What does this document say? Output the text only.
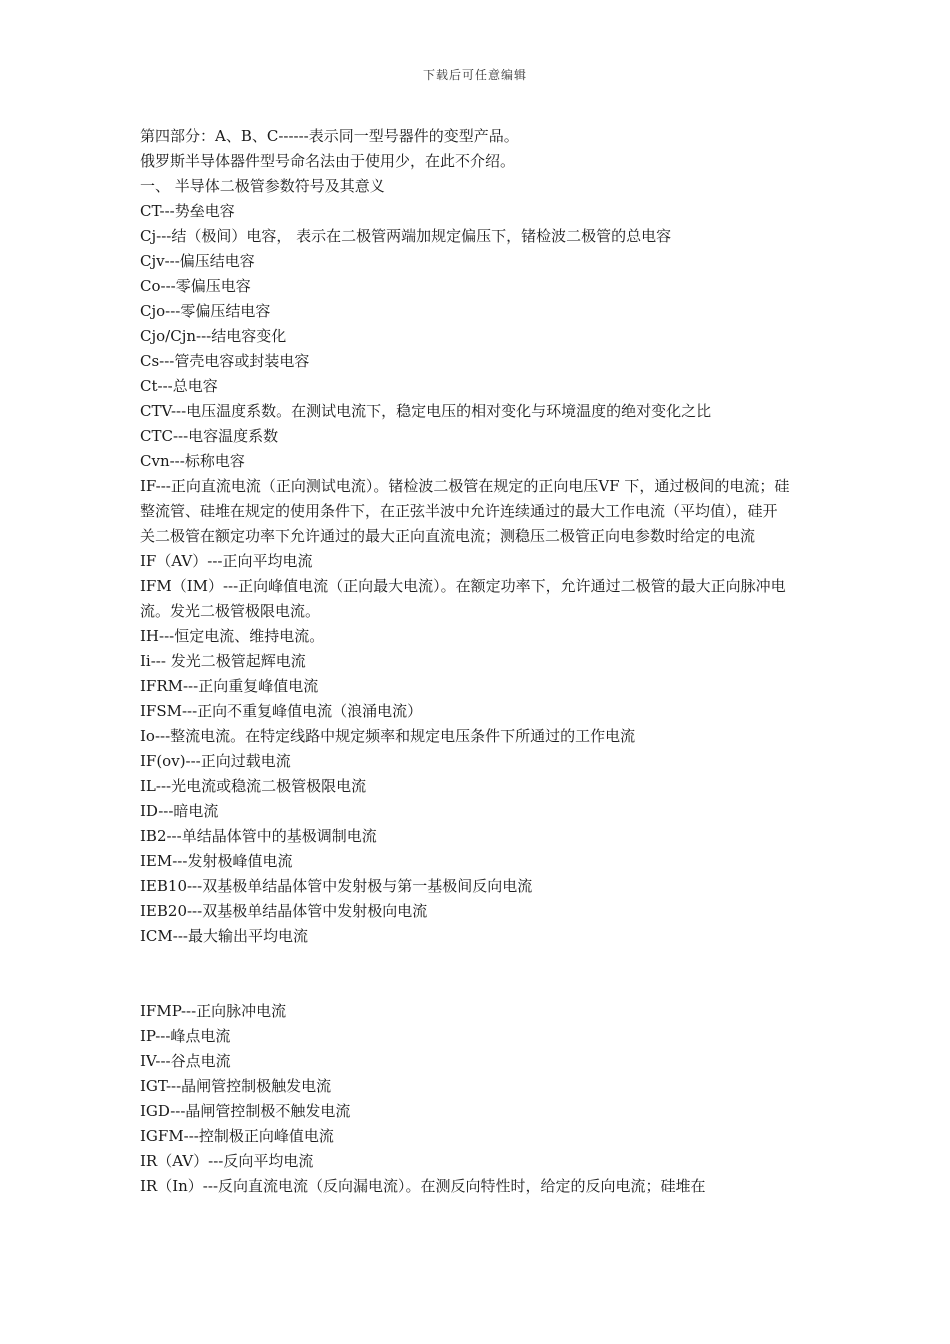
下载后可任意编辑
第四部分：A、B、C------表示同一型号器件的变型产品。
俄罗斯半导体器件型号命名法由于使用少，在此不介绍。
一、 半导体二极管参数符号及其意义
CT---势垒电容
Cj---结（极间）电容， 表示在二极管两端加规定偏压下，锗检波二极管的总电容
Cjv---偏压结电容
Co---零偏压电容
Cjo---零偏压结电容
Cjo/Cjn---结电容变化
Cs---管壳电容或封装电容
Ct---总电容
CTV---电压温度系数。在测试电流下，稳定电压的相对变化与环境温度的绝对变化之比
CTC---电容温度系数
Cvn---标称电容
IF---正向直流电流（正向测试电流）。锗检波二极管在规定的正向电压VF 下，通过极间的电流；硅整流管、硅堆在规定的使用条件下，在正弦半波中允许连续通过的最大工作电流（平均值），硅开关二极管在额定功率下允许通过的最大正向直流电流；测稳压二极管正向电参数时给定的电流
IF（AV）---正向平均电流
IFM（IM）---正向峰值电流（正向最大电流）。在额定功率下，允许通过二极管的最大正向脉冲电流。发光二极管极限电流。
IH---恒定电流、维持电流。
Ii--- 发光二极管起辉电流
IFRM---正向重复峰值电流
IFSM---正向不重复峰值电流（浪涌电流）
Io---整流电流。在特定线路中规定频率和规定电压条件下所通过的工作电流
IF(ov)---正向过载电流
IL---光电流或稳流二极管极限电流
ID---暗电流
IB2---单结晶体管中的基极调制电流
IEM---发射极峰值电流
IEB10---双基极单结晶体管中发射极与第一基极间反向电流
IEB20---双基极单结晶体管中发射极向电流
ICM---最大输出平均电流
IFMP---正向脉冲电流
IP---峰点电流
IV---谷点电流
IGT---晶闸管控制极触发电流
IGD---晶闸管控制极不触发电流
IGFM---控制极正向峰值电流
IR（AV）---反向平均电流
IR（In）---反向直流电流（反向漏电流）。在测反向特性时，给定的反向电流；硅堆在
